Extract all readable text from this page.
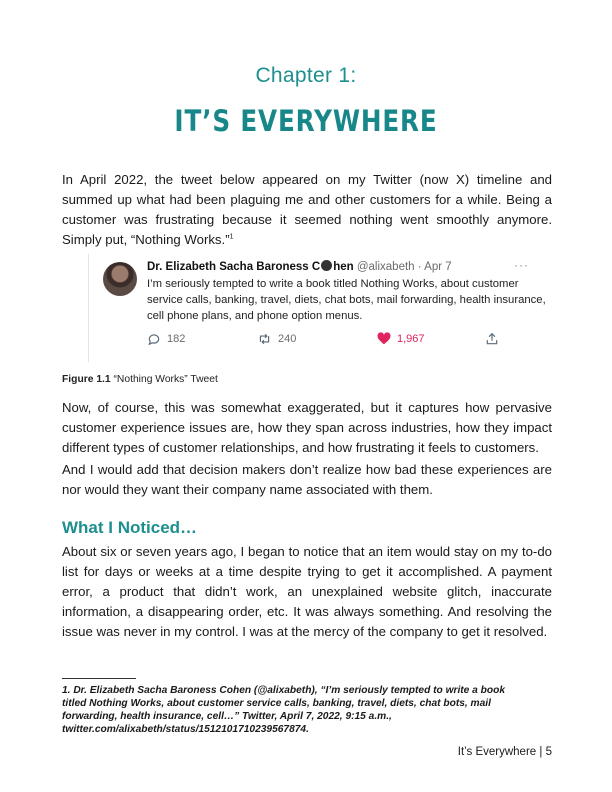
Chapter 1:
IT’S EVERYWHERE

In April 2022, the tweet below appeared on my Twitter (now X) timeline and summed up what had been plaguing me and other customers for a while. Being a customer was frustrating because it seemed nothing went smoothly anymore. Simply put, “Nothing Works.”$^1$

Dr. Elizabeth Sacha Baroness C hen @alixabeth · Apr 7	···

I’m seriously tempted to write a book titled Nothing Works, about customer service calls, banking, travel, diets, chat bots, mail forwarding, health insurance, cell phone plans, and phone option menus.

182	240	1,967
Figure 1.1 “Nothing Works” Tweet

Now, of course, this was somewhat exaggerated, but it captures how pervasive customer experience issues are, how they span across industries, how they impact different types of customer relationships, and how frustrating it feels to customers.

And I would add that decision makers don’t realize how bad these experiences are nor would they want their company name associated with them.

What I Noticed…

About six or seven years ago, I began to notice that an item would stay on my to-do list for days or weeks at a time despite trying to get it accomplished. A payment error, a product that didn’t work, an unexplained website glitch, inaccurate information, a disappearing order, etc. It was always something. And resolving the issue was never in my control. I was at the mercy of the company to get it resolved.

1. Dr. Elizabeth Sacha Baroness Cohen (@alixabeth), “I’m seriously tempted to write a book titled Nothing Works, about customer service calls, banking, travel, diets, chat bots, mail forwarding, health insurance, cell…” Twitter, April 7, 2022, 9:15 a.m., twitter.com/alixabeth/status/1512101710239567874.

It’s Everywhere | 5
